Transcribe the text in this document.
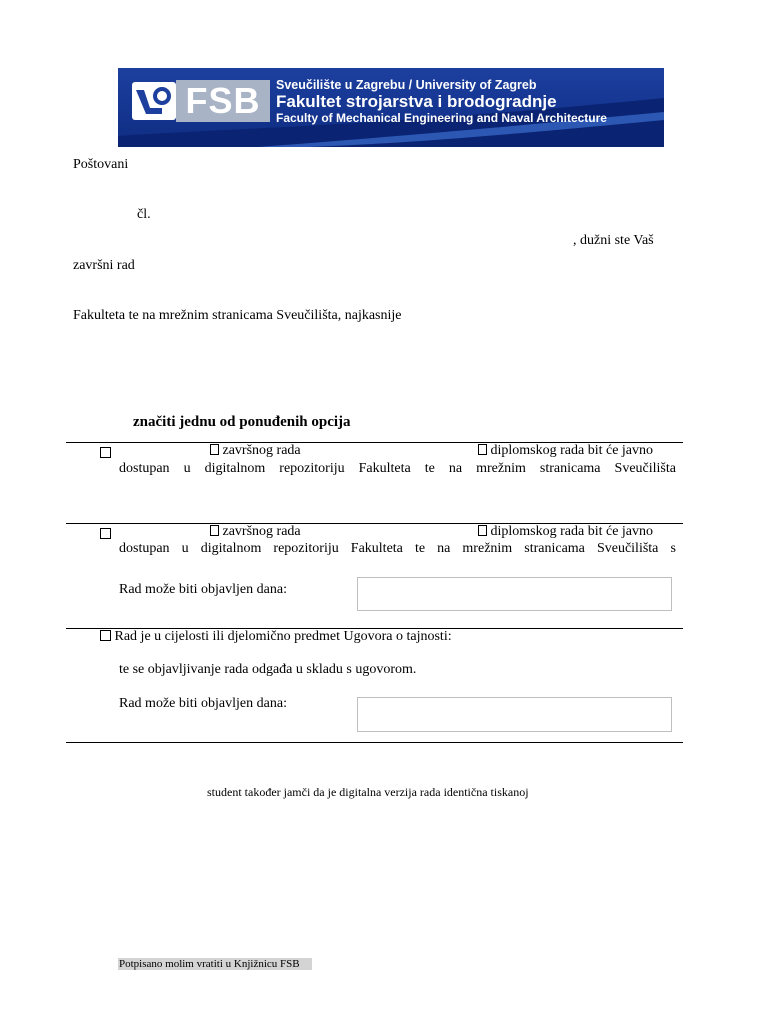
FSB	Sveučilište u Zagrebu / University of Zagreb
Fakultet strojarstva i brodogradnje
Faculty of Mechanical Engineering and Naval Architecture
Poštovani
čl.
, dužni ste Vaš
završni rad
Fakulteta te na mrežnim stranicama Sveučilišta, najkasnije
značiti jednu od ponuđenih opcija
završnog rada	diplomskog rada bit će javno
dostupan u digitalnom repozitoriju Fakulteta te na mrežnim stranicama Sveučilišta
završnog rada	diplomskog rada bit će javno
dostupan u digitalnom repozitoriju Fakulteta te na mrežnim stranicama Sveučilišta s
Rad može biti objavljen dana:
Rad je u cijelosti ili djelomično predmet Ugovora o tajnosti:
te se objavljivanje rada odgađa u skladu s ugovorom.
Rad može biti objavljen dana:
student također jamči da je digitalna verzija rada identična tiskanoj
Potpisano molim vratiti u Knjižnicu FSB
